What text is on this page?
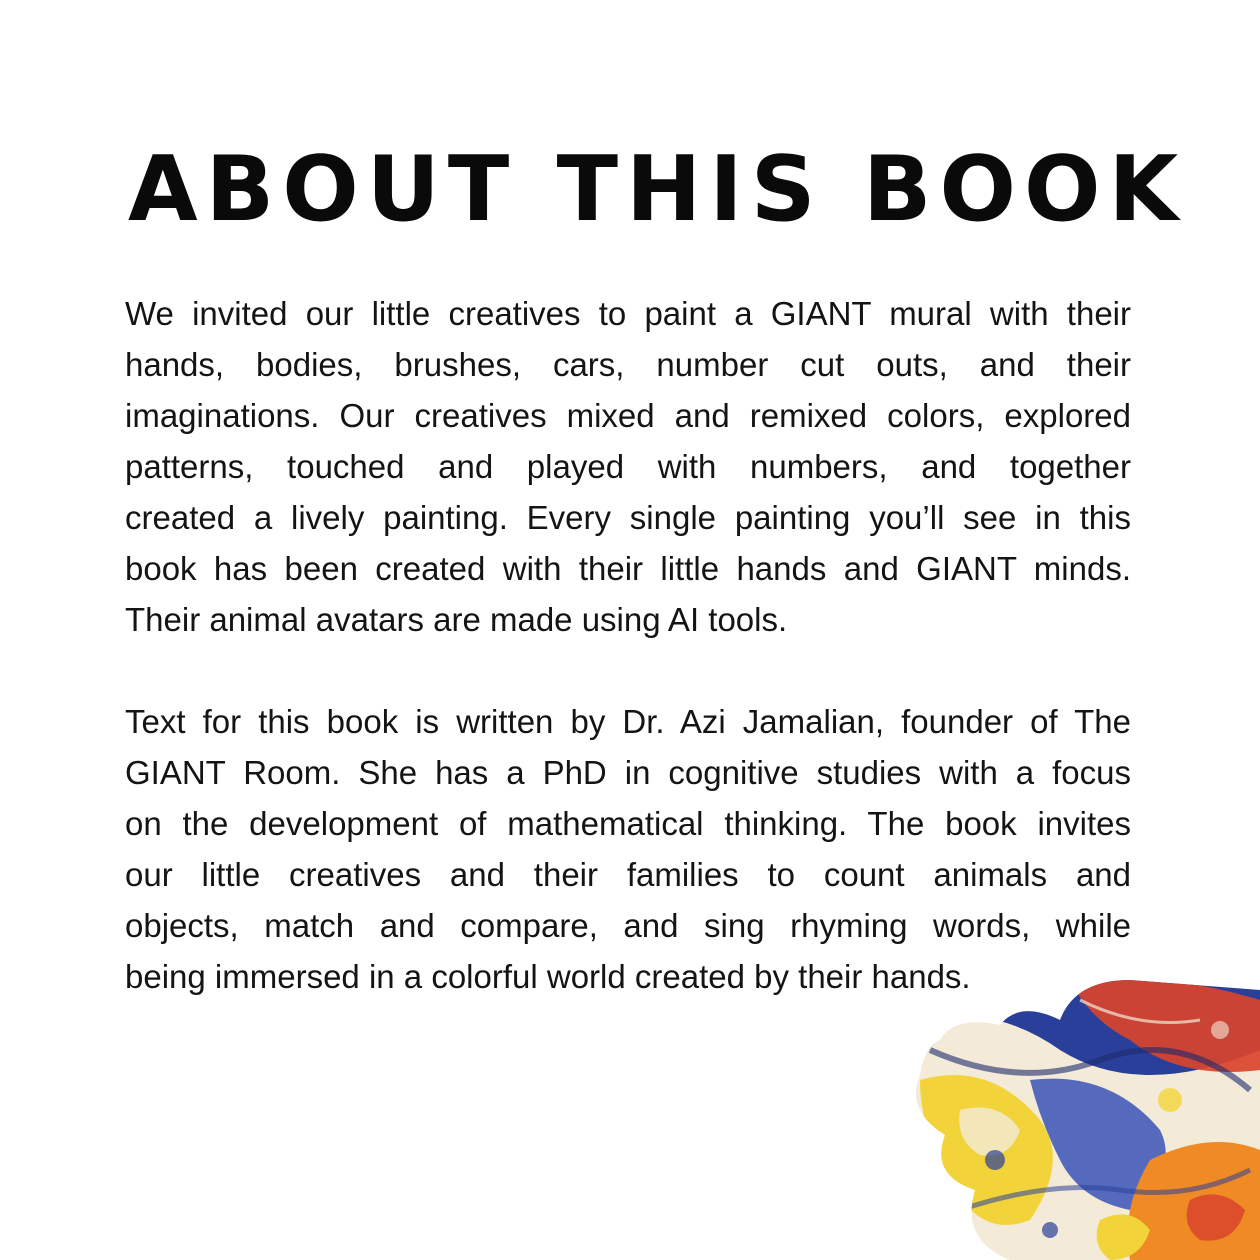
ABOUT THIS BOOK
We invited our little creatives to paint a GIANT mural with their
hands, bodies, brushes, cars, number cut outs, and their
imaginations. Our creatives mixed and remixed colors, explored
patterns, touched and played with numbers, and together
created a lively painting. Every single painting you’ll see in this
book has been created with their little hands and GIANT minds.
Their animal avatars are made using AI tools.
Text for this book is written by Dr. Azi Jamalian, founder of The
GIANT Room. She has a PhD in cognitive studies with a focus
on the development of mathematical thinking. The book invites
our little creatives and their families to count animals and
objects, match and compare, and sing rhyming words, while
being immersed in a colorful world created by their hands.
